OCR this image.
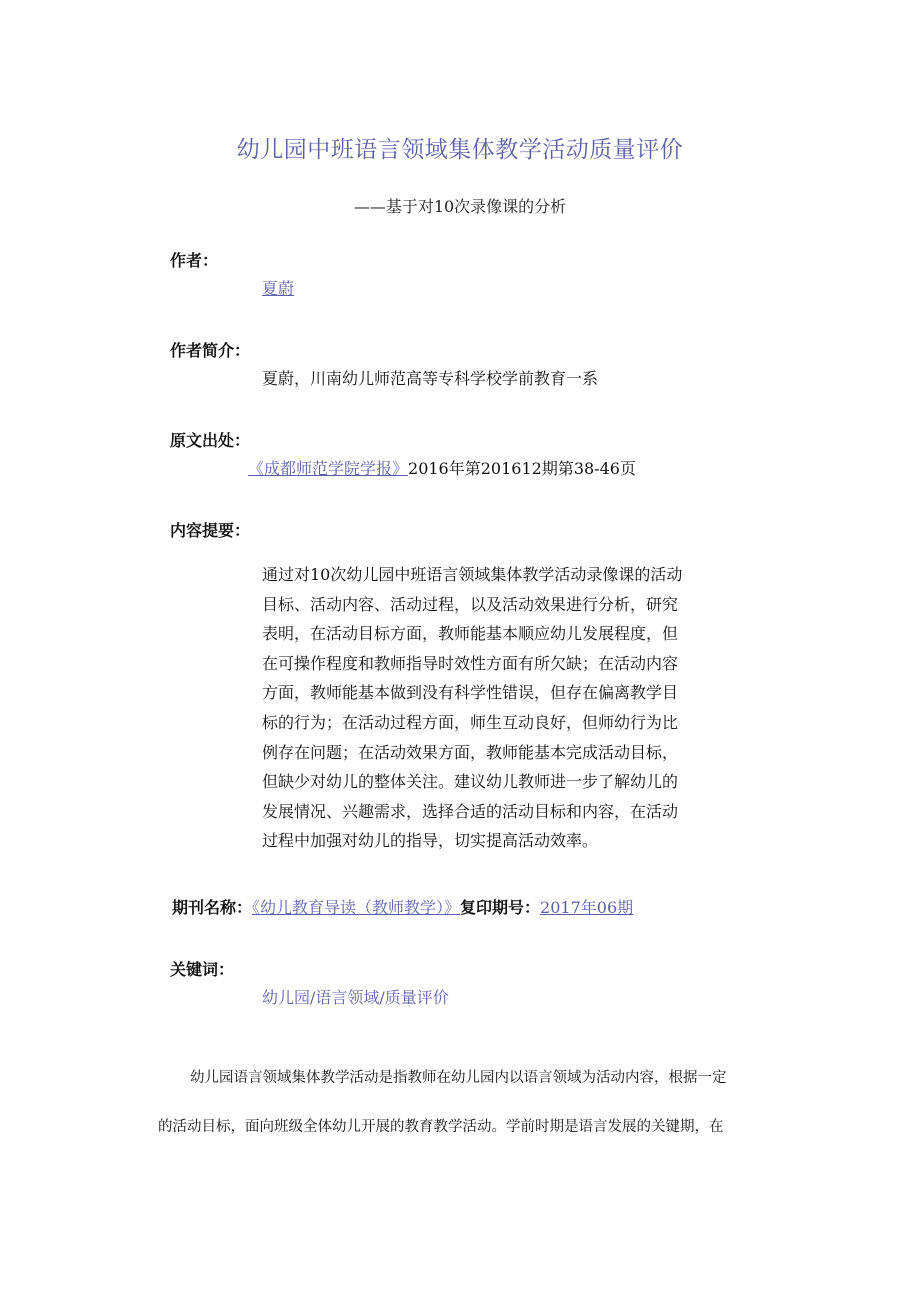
幼儿园中班语言领域集体教学活动质量评价
——基于对10次录像课的分析
作者：
夏蔚
作者简介：
夏蔚，川南幼儿师范高等专科学校学前教育一系
原文出处：
《成都师范学院学报》2016年第201612期第38-46页
内容提要：
通过对10次幼儿园中班语言领域集体教学活动录像课的活动
目标、活动内容、活动过程，以及活动效果进行分析，研究
表明，在活动目标方面，教师能基本顺应幼儿发展程度，但
在可操作程度和教师指导时效性方面有所欠缺；在活动内容
方面，教师能基本做到没有科学性错误，但存在偏离教学目
标的行为；在活动过程方面，师生互动良好，但师幼行为比
例存在问题；在活动效果方面，教师能基本完成活动目标，
但缺少对幼儿的整体关注。建议幼儿教师进一步了解幼儿的
发展情况、兴趣需求，选择合适的活动目标和内容，在活动
过程中加强对幼儿的指导，切实提高活动效率。
期刊名称：《幼儿教育导读（教师教学）》复印期号：2017年06期
关键词：
幼儿园/语言领域/质量评价
幼儿园语言领域集体教学活动是指教师在幼儿园内以语言领域为活动内容，根据一定
的活动目标，面向班级全体幼儿开展的教育教学活动。学前时期是语言发展的关键期，在
